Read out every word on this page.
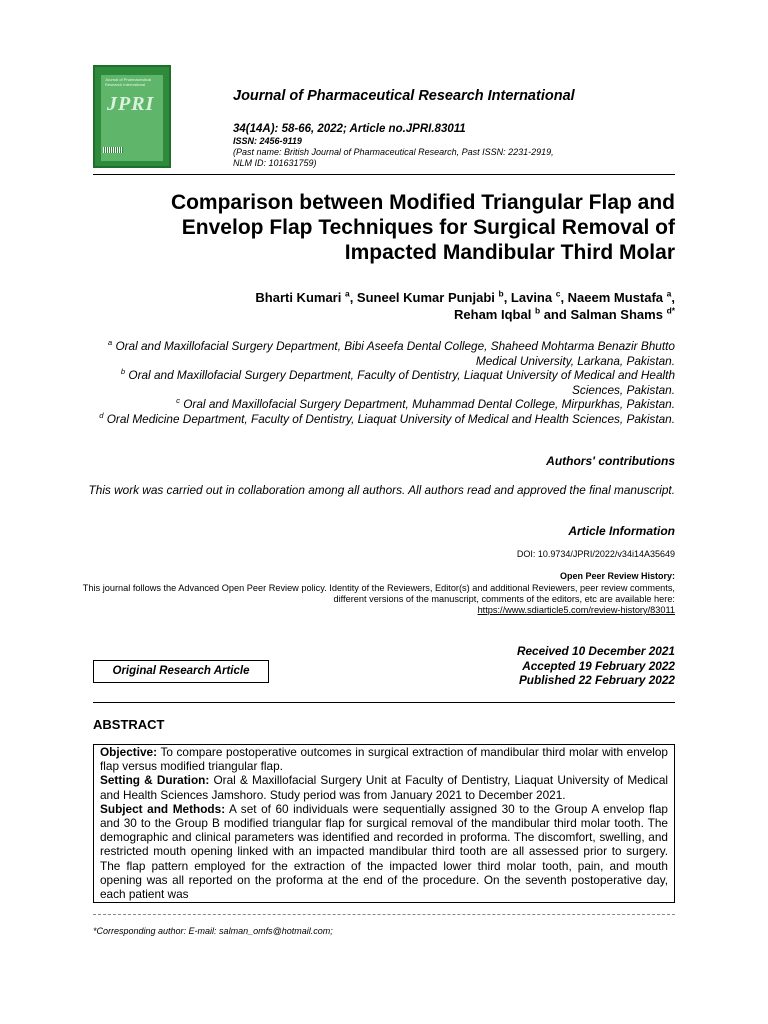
Journal of Pharmaceutical Research International
JPRI	Journal of Pharmaceutical Research International
34(14A): 58-66, 2022; Article no.JPRI.83011
ISSN: 2456-9119
(Past name: British Journal of Pharmaceutical Research, Past ISSN: 2231-2919,
NLM ID: 101631759)
Comparison between Modified Triangular Flap and
Envelop Flap Techniques for Surgical Removal of
Impacted Mandibular Third Molar
Bharti Kumari $^a$, Suneel Kumar Punjabi $^b$, Lavina $^c$, Naeem Mustafa $^a$,
Reham Iqbal $^b$ and Salman Shams $^{d*}$
$^a$ Oral and Maxillofacial Surgery Department, Bibi Aseefa Dental College, Shaheed Mohtarma Benazir Bhutto Medical University, Larkana, Pakistan.
$^b$ Oral and Maxillofacial Surgery Department, Faculty of Dentistry, Liaquat University of Medical and Health Sciences, Pakistan.
$^c$ Oral and Maxillofacial Surgery Department, Muhammad Dental College, Mirpurkhas, Pakistan.
$^d$ Oral Medicine Department, Faculty of Dentistry, Liaquat University of Medical and Health Sciences, Pakistan.
Authors' contributions
This work was carried out in collaboration among all authors. All authors read and approved the final manuscript.
Article Information
DOI: 10.9734/JPRI/2022/v34i14A35649
Open Peer Review History:
This journal follows the Advanced Open Peer Review policy. Identity of the Reviewers, Editor(s) and additional Reviewers, peer review comments, different versions of the manuscript, comments of the editors, etc are available here:
https://www.sdiarticle5.com/review-history/83011
Received 10 December 2021
Accepted 19 February 2022
Published 22 February 2022
Original Research Article
ABSTRACT

Objective: To compare postoperative outcomes in surgical extraction of mandibular third molar with envelop flap versus modified triangular flap.

Setting & Duration: Oral & Maxillofacial Surgery Unit at Faculty of Dentistry, Liaquat University of Medical and Health Sciences Jamshoro. Study period was from January 2021 to December 2021.

Subject and Methods: A set of 60 individuals were sequentially assigned 30 to the Group A envelop flap and 30 to the Group B modified triangular flap for surgical removal of the mandibular third molar tooth. The demographic and clinical parameters was identified and recorded in proforma. The discomfort, swelling, and restricted mouth opening linked with an impacted mandibular third tooth are all assessed prior to surgery. The flap pattern employed for the extraction of the impacted lower third molar tooth, pain, and mouth opening was all reported on the proforma at the end of the procedure. On the seventh postoperative day, each patient was

*Corresponding author: E-mail: salman_omfs@hotmail.com;
